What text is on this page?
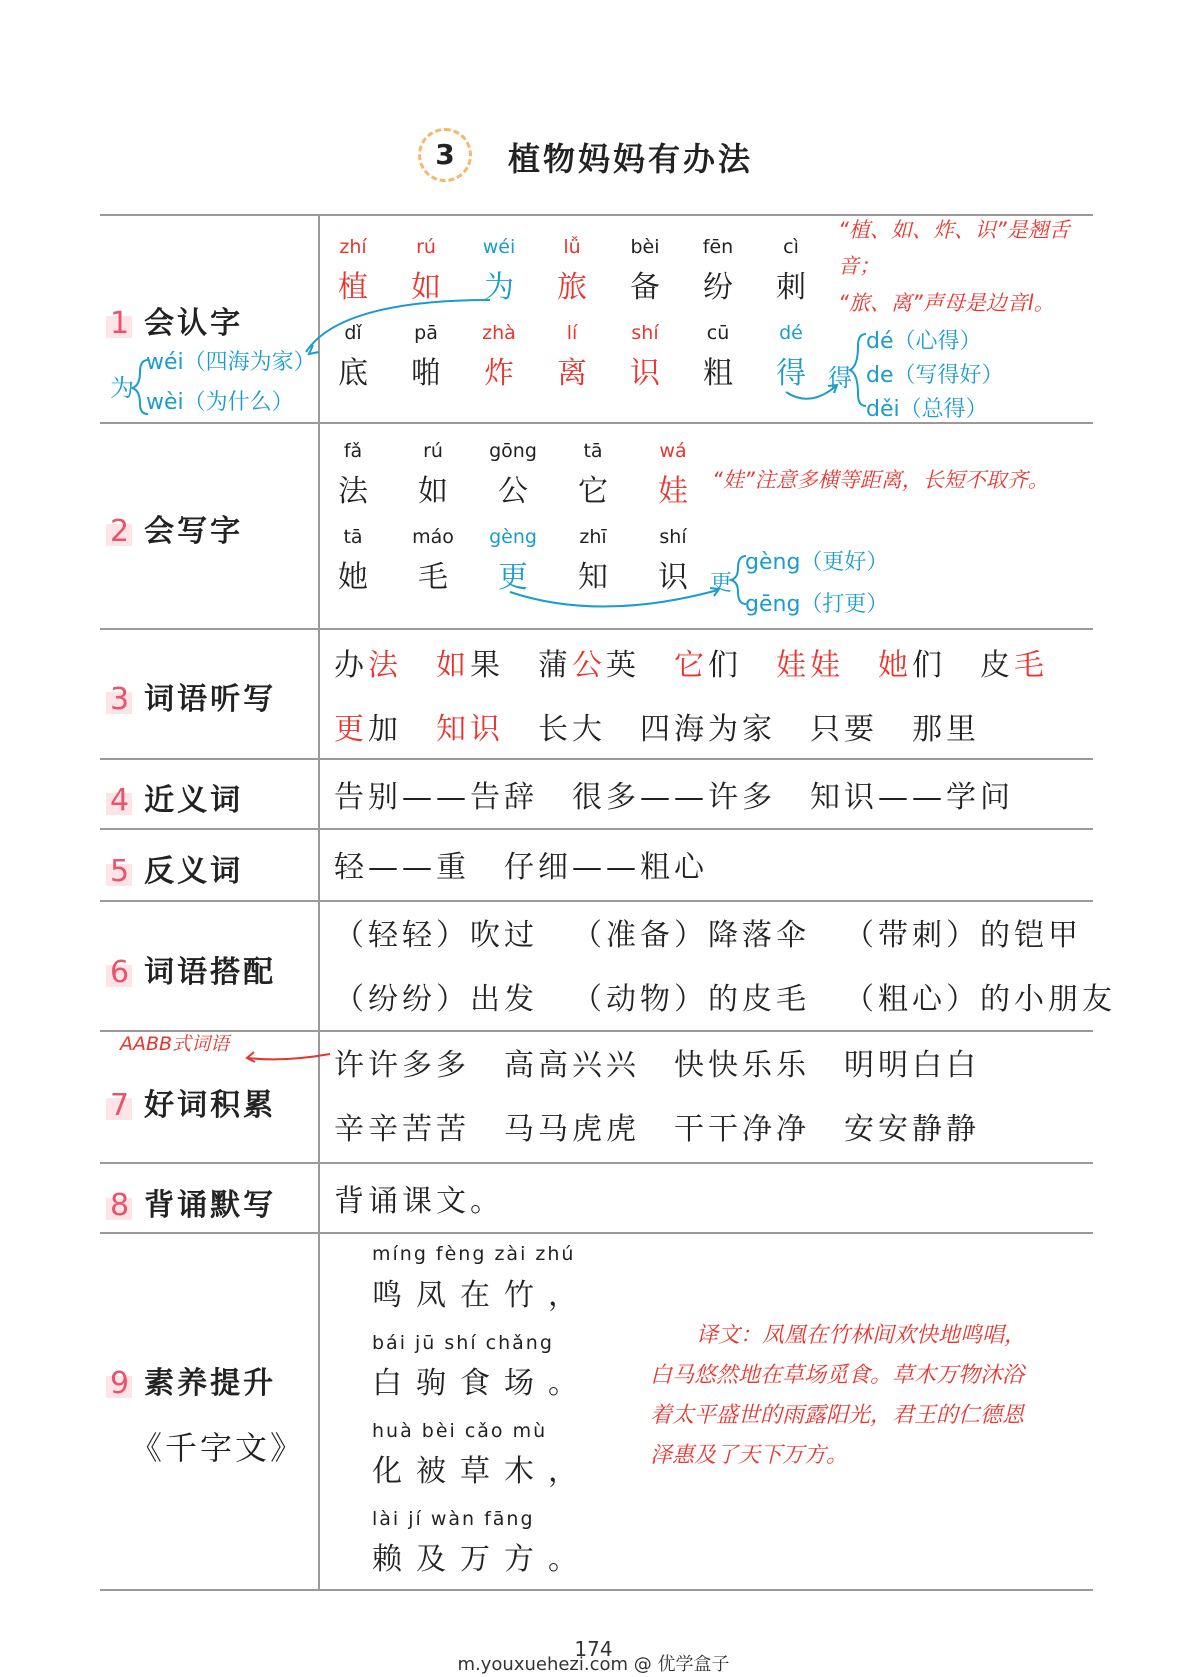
3	植物妈妈有办法
1 会认字
2 会写字
3 词语听写
4 近义词
5 反义词
6 词语搭配
7 好词积累
8 背诵默写
9 素养提升
《千字文》
zhí
植
rú
如
wéi
为
lǚ
旅
bèi
备
fēn
纷
cì
刺
dǐ
底
pā
啪
zhà
炸
lí
离
shí
识
cū
粗
dé
得
“植、如、炸、识”是翘舌音；
“旅、离”声母是边音l。
为
wéi（四海为家）
wèi（为什么）
得
dé（心得）
de（写得好）
děi（总得）
fǎ
法
rú
如
gōng
公
tā
它
wá
娃
tā
她
máo
毛
gèng
更
zhī
知
shí
识
“娃”注意多横等距离，长短不取齐。
更
gèng（更好）
gēng（打更）
办法 如果 蒲公英 它们 娃娃 她们 皮毛
更加 知识 长大 四海为家 只要 那里
告别——告辞 很多——许多 知识——学问
轻——重 仔细——粗心
（轻轻）吹过 （准备）降落伞 （带刺）的铠甲
（纷纷）出发 （动物）的皮毛 （粗心）的小朋友
AABB式词语
许许多多 高高兴兴 快快乐乐 明明白白
辛辛苦苦 马马虎虎 干干净净 安安静静
背诵课文。
míng fèng zài zhú
鸣凤在竹，
bái jū shí chǎng
白驹食场。
huà bèi cǎo mù
化被草木，
lài jí wàn fāng
赖及万方。
译文：凤凰在竹林间欢快地鸣唱，
白马悠然地在草场觅食。草木万物沐浴
着太平盛世的雨露阳光，君王的仁德恩
泽惠及了天下万方。
174
m.youxuehezi.com @ 优学盒子
